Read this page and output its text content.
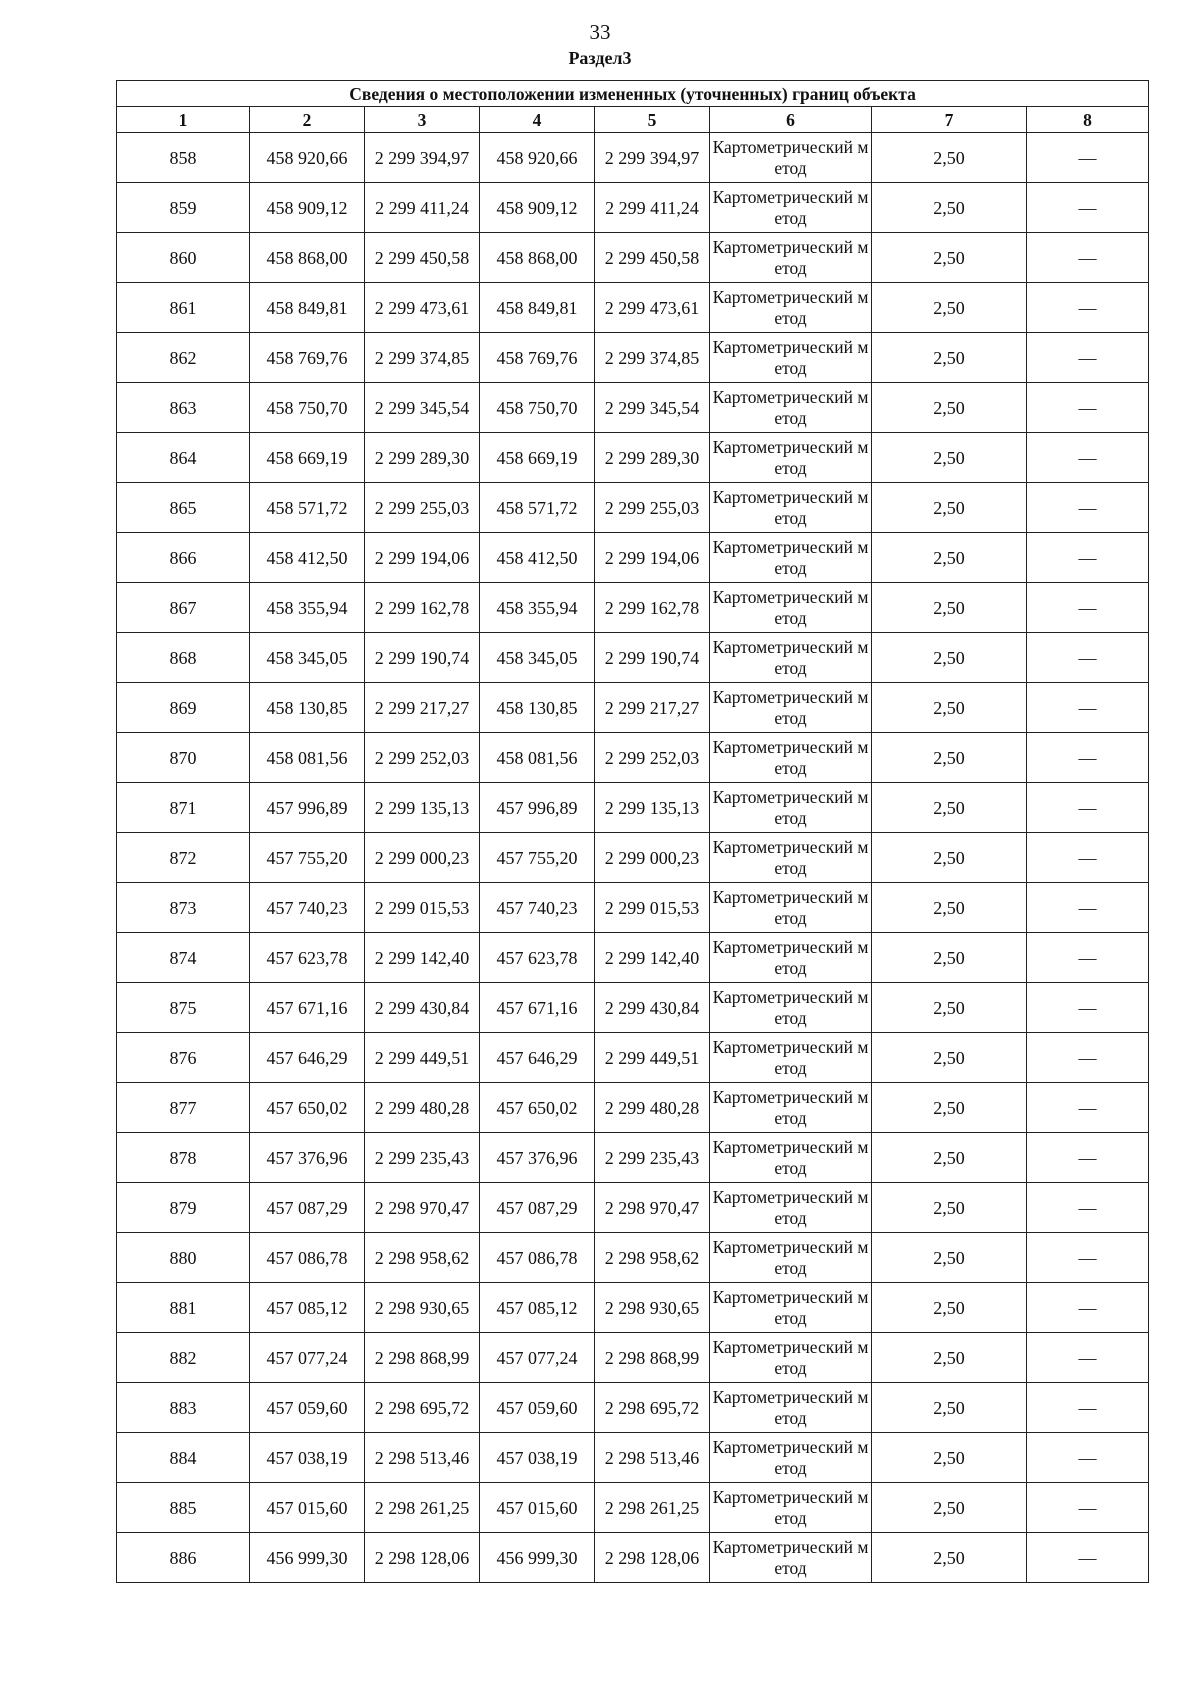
33
Раздел3
Сведения о местоположении измененных (уточненных) границ объекта							
1	2	3	4	5	6	7	8
858	458 920,66	2 299 394,97	458 920,66	2 299 394,97	Картометрический метод	2,50	—
859	458 909,12	2 299 411,24	458 909,12	2 299 411,24	Картометрический метод	2,50	—
860	458 868,00	2 299 450,58	458 868,00	2 299 450,58	Картометрический метод	2,50	—
861	458 849,81	2 299 473,61	458 849,81	2 299 473,61	Картометрический метод	2,50	—
862	458 769,76	2 299 374,85	458 769,76	2 299 374,85	Картометрический метод	2,50	—
863	458 750,70	2 299 345,54	458 750,70	2 299 345,54	Картометрический метод	2,50	—
864	458 669,19	2 299 289,30	458 669,19	2 299 289,30	Картометрический метод	2,50	—
865	458 571,72	2 299 255,03	458 571,72	2 299 255,03	Картометрический метод	2,50	—
866	458 412,50	2 299 194,06	458 412,50	2 299 194,06	Картометрический метод	2,50	—
867	458 355,94	2 299 162,78	458 355,94	2 299 162,78	Картометрический метод	2,50	—
868	458 345,05	2 299 190,74	458 345,05	2 299 190,74	Картометрический метод	2,50	—
869	458 130,85	2 299 217,27	458 130,85	2 299 217,27	Картометрический метод	2,50	—
870	458 081,56	2 299 252,03	458 081,56	2 299 252,03	Картометрический метод	2,50	—
871	457 996,89	2 299 135,13	457 996,89	2 299 135,13	Картометрический метод	2,50	—
872	457 755,20	2 299 000,23	457 755,20	2 299 000,23	Картометрический метод	2,50	—
873	457 740,23	2 299 015,53	457 740,23	2 299 015,53	Картометрический метод	2,50	—
874	457 623,78	2 299 142,40	457 623,78	2 299 142,40	Картометрический метод	2,50	—
875	457 671,16	2 299 430,84	457 671,16	2 299 430,84	Картометрический метод	2,50	—
876	457 646,29	2 299 449,51	457 646,29	2 299 449,51	Картометрический метод	2,50	—
877	457 650,02	2 299 480,28	457 650,02	2 299 480,28	Картометрический метод	2,50	—
878	457 376,96	2 299 235,43	457 376,96	2 299 235,43	Картометрический метод	2,50	—
879	457 087,29	2 298 970,47	457 087,29	2 298 970,47	Картометрический метод	2,50	—
880	457 086,78	2 298 958,62	457 086,78	2 298 958,62	Картометрический метод	2,50	—
881	457 085,12	2 298 930,65	457 085,12	2 298 930,65	Картометрический метод	2,50	—
882	457 077,24	2 298 868,99	457 077,24	2 298 868,99	Картометрический метод	2,50	—
883	457 059,60	2 298 695,72	457 059,60	2 298 695,72	Картометрический метод	2,50	—
884	457 038,19	2 298 513,46	457 038,19	2 298 513,46	Картометрический метод	2,50	—
885	457 015,60	2 298 261,25	457 015,60	2 298 261,25	Картометрический метод	2,50	—
886	456 999,30	2 298 128,06	456 999,30	2 298 128,06	Картометрический метод	2,50	—
